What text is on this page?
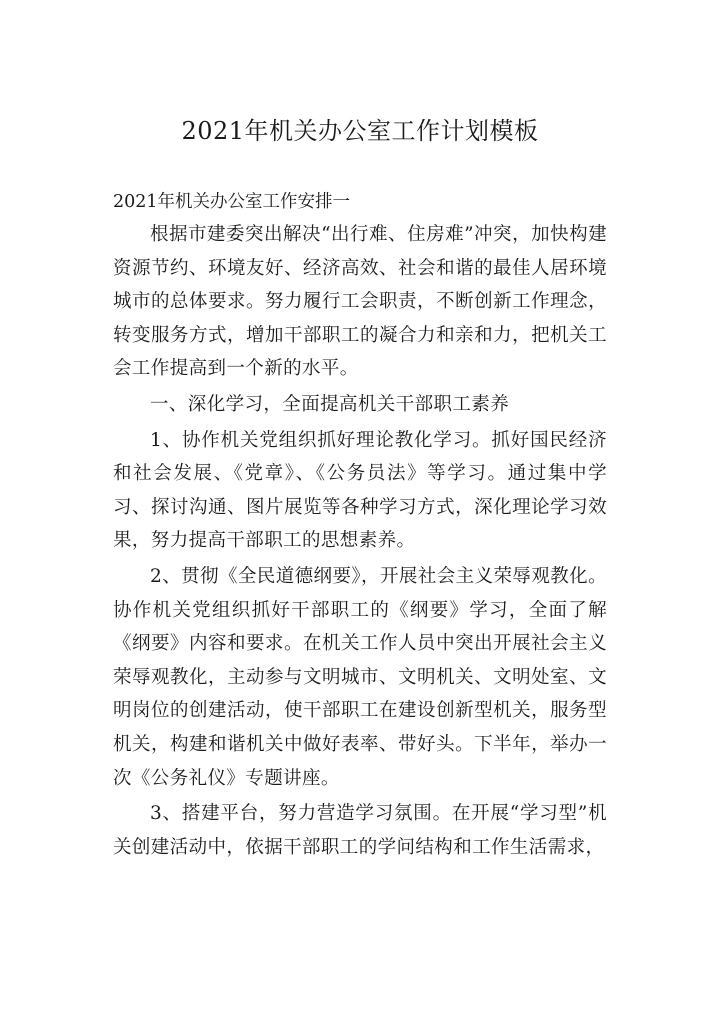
2021年机关办公室工作计划模板

2021年机关办公室工作安排一

根据市建委突出解决“出行难、住房难”冲突，加快构建资源节约、环境友好、经济高效、社会和谐的最佳人居环境城市的总体要求。努力履行工会职责，不断创新工作理念，转变服务方式，增加干部职工的凝合力和亲和力，把机关工会工作提高到一个新的水平。

一、深化学习，全面提高机关干部职工素养

1、协作机关党组织抓好理论教化学习。抓好国民经济和社会发展、《党章》、《公务员法》等学习。通过集中学习、探讨沟通、图片展览等各种学习方式，深化理论学习效果，努力提高干部职工的思想素养。

2、贯彻《全民道德纲要》，开展社会主义荣辱观教化。协作机关党组织抓好干部职工的《纲要》学习，全面了解《纲要》内容和要求。在机关工作人员中突出开展社会主义荣辱观教化，主动参与文明城市、文明机关、文明处室、文明岗位的创建活动，使干部职工在建设创新型机关，服务型机关，构建和谐机关中做好表率、带好头。下半年，举办一次《公务礼仪》专题讲座。

3、搭建平台，努力营造学习氛围。在开展“学习型”机关创建活动中，依据干部职工的学问结构和工作生活需求，
